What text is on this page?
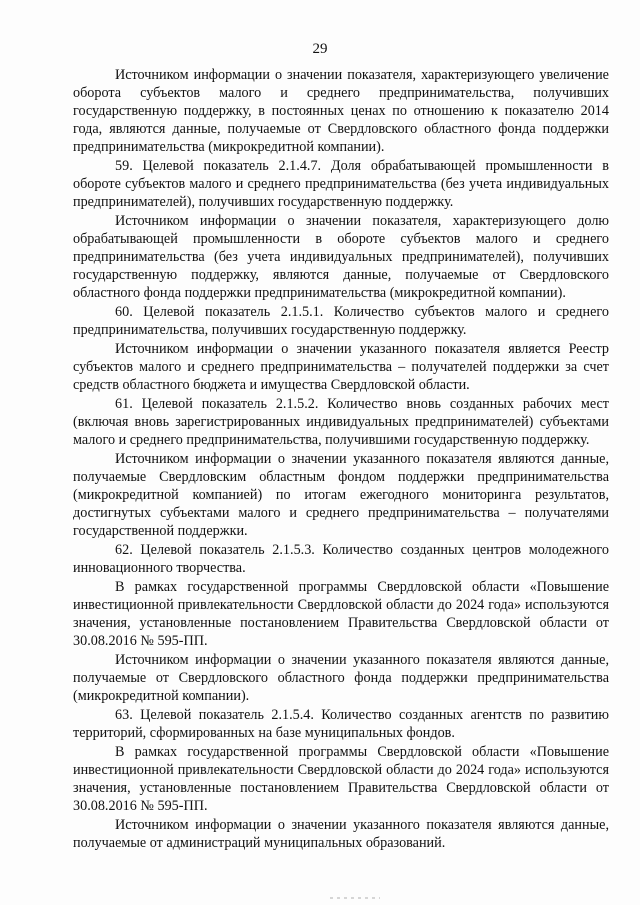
29

Источником информации о значении показателя, характеризующего увеличение оборота субъектов малого и среднего предпринимательства, получивших государственную поддержку, в постоянных ценах по отношению к показателю 2014 года, являются данные, получаемые от Свердловского областного фонда поддержки предпринимательства (микрокредитной компании).

59. Целевой показатель 2.1.4.7. Доля обрабатывающей промышленности в обороте субъектов малого и среднего предпринимательства (без учета индивидуальных предпринимателей), получивших государственную поддержку.

Источником информации о значении показателя, характеризующего долю обрабатывающей промышленности в обороте субъектов малого и среднего предпринимательства (без учета индивидуальных предпринимателей), получивших государственную поддержку, являются данные, получаемые от Свердловского областного фонда поддержки предпринимательства (микрокредитной компании).

60. Целевой показатель 2.1.5.1. Количество субъектов малого и среднего предпринимательства, получивших государственную поддержку.

Источником информации о значении указанного показателя является Реестр субъектов малого и среднего предпринимательства – получателей поддержки за счет средств областного бюджета и имущества Свердловской области.

61. Целевой показатель 2.1.5.2. Количество вновь созданных рабочих мест (включая вновь зарегистрированных индивидуальных предпринимателей) субъектами малого и среднего предпринимательства, получившими государственную поддержку.

Источником информации о значении указанного показателя являются данные, получаемые Свердловским областным фондом поддержки предпринимательства (микрокредитной компанией) по итогам ежегодного мониторинга результатов, достигнутых субъектами малого и среднего предпринимательства – получателями государственной поддержки.

62. Целевой показатель 2.1.5.3. Количество созданных центров молодежного инновационного творчества.

В рамках государственной программы Свердловской области «Повышение инвестиционной привлекательности Свердловской области до 2024 года» используются значения, установленные постановлением Правительства Свердловской области от 30.08.2016 № 595-ПП.

Источником информации о значении указанного показателя являются данные, получаемые от Свердловского областного фонда поддержки предпринимательства (микрокредитной компании).

63. Целевой показатель 2.1.5.4. Количество созданных агентств по развитию территорий, сформированных на базе муниципальных фондов.

В рамках государственной программы Свердловской области «Повышение инвестиционной привлекательности Свердловской области до 2024 года» используются значения, установленные постановлением Правительства Свердловской области от 30.08.2016 № 595-ПП.

Источником информации о значении указанного показателя являются данные, получаемые от администраций муниципальных образований.
